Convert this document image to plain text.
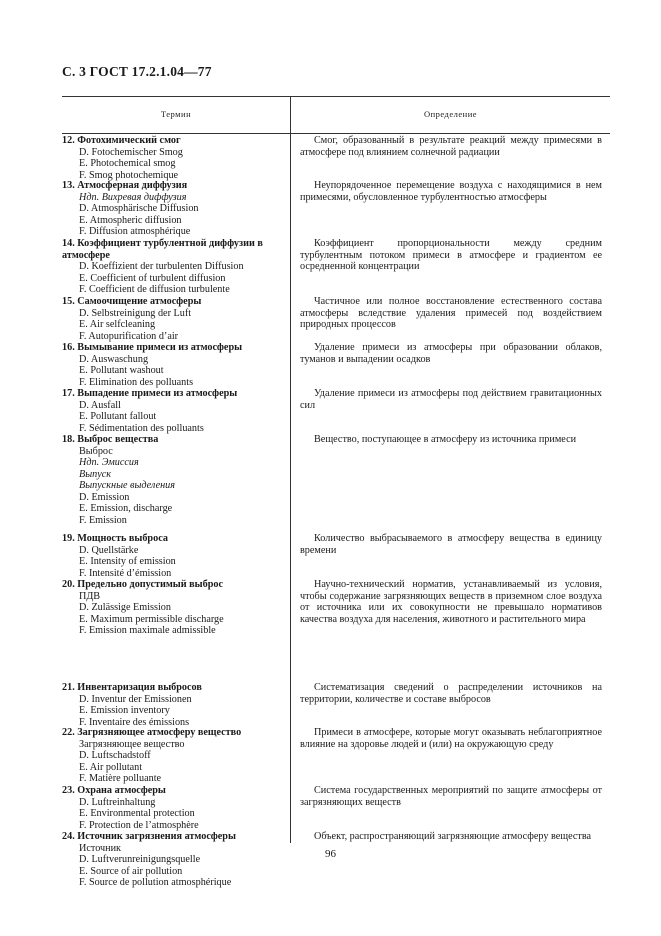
С. 3 ГОСТ 17.2.1.04—77
Термин	Определение
12. Фотохимический смог
D. Fotochemischer Smog
E. Photochemical smog
F. Smog photochemique
Смог, образованный в результате реакций между примесями в атмосфере под влиянием солнечной радиации
13. Атмосферная диффузия
Ндп. Вихревая диффузия
D. Atmosphärische Diffusion
E. Atmospheric diffusion
F. Diffusion atmosphérique
Неупорядоченное перемещение воздуха с находящимися в нем примесями, обусловленное турбулентностью атмосферы
14. Коэффициент турбулентной диффузии в атмосфере
D. Koeffizient der turbulenten Diffusion
E. Coefficient of turbulent diffusion
F. Coefficient de diffusion turbulente
Коэффициент пропорциональности между средним турбулентным потоком примеси в атмосфере и градиентом ее осредненной концентрации
15. Самоочищение атмосферы
D. Selbstreinigung der Luft
E. Air selfcleaning
F. Autopurification d’air
Частичное или полное восстановление естественного состава атмосферы вследствие удаления примесей под воздействием природных процессов
16. Вымывание примеси из атмосферы
D. Auswaschung
E. Pollutant washout
F. Elimination des polluants
Удаление примеси из атмосферы при образовании облаков, туманов и выпадении осадков
17. Выпадение примеси из атмосферы
D. Ausfall
E. Pollutant fallout
F. Sédimentation des polluants
Удаление примеси из атмосферы под действием гравитационных сил
18. Выброс вещества
Выброс
Ндп. Эмиссия
Выпуск
Выпускные выделения
D. Emission
E. Emission, discharge
F. Emission
Вещество, поступающее в атмосферу из источника примеси
19. Мощность выброса
D. Quellstärke
E. Intensity of emission
F. Intensité d’émission
Количество выбрасываемого в атмосферу вещества в единицу времени
20. Предельно допустимый выброс
ПДВ
D. Zulässige Emission
E. Maximum permissible discharge
F. Emission maximale admissible
Научно-технический норматив, устанавливаемый из условия, чтобы содержание загрязняющих веществ в приземном слое воздуха от источника или их совокупности не превышало нормативов качества воздуха для населения, животного и растительного мира
21. Инвентаризация выбросов
D. Inventur der Emissionen
E. Emission inventory
F. Inventaire des émissions
Систематизация сведений о распределении источников на территории, количестве и составе выбросов
22. Загрязняющее атмосферу вещество
Загрязняющее вещество
D. Luftschadstoff
E. Air pollutant
F. Matière polluante
Примеси в атмосфере, которые могут оказывать неблагоприятное влияние на здоровье людей и (или) на окружающую среду
23. Охрана атмосферы
D. Luftreinhaltung
E. Environmental protection
F. Protection de l’atmosphère
Система государственных мероприятий по защите атмосферы от загрязняющих веществ
24. Источник загрязнения атмосферы
Источник
D. Luftverunreinigungsquelle
E. Source of air pollution
F. Source de pollution atmosphérique
Объект, распространяющий загрязняющие атмосферу вещества
96
